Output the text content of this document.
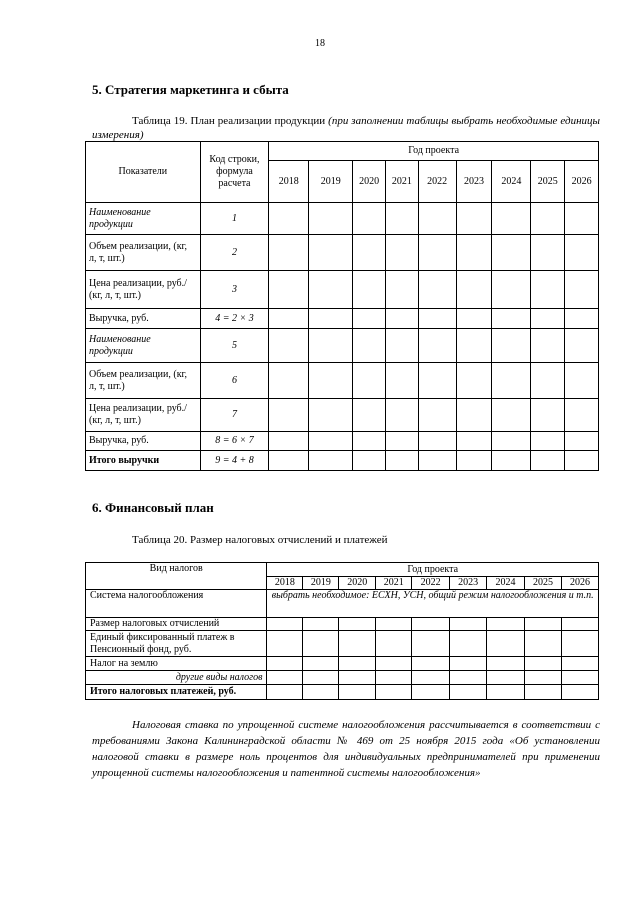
18
5. Стратегия маркетинга и сбыта
Таблица 19. План реализации продукции (при заполнении таблицы выбрать необходимые единицы измерения)
Показатели	Код строки, формула расчета	Год проекта								
		2018	2019	2020	2021	2022	2023	2024	2025	2026
Наименование продукции	1									
Объем реализации, (кг, л, т, шт.)	2									
Цена реализации, руб./ (кг, л, т, шт.)	3									
Выручка, руб.	4 = 2 × 3									
Наименование продукции	5									
Объем реализации, (кг, л, т, шт.)	6									
Цена реализации, руб./ (кг, л, т, шт.)	7									
Выручка, руб.	8 = 6 × 7									
Итого выручки	9 = 4 + 8									
6. Финансовый план
Таблица 20. Размер налоговых отчислений и платежей
Вид налогов	Год проекта								
	2018	2019	2020	2021	2022	2023	2024	2025	2026
Система налогообложения	выбрать необходимое: ЕСХН, УСН, общий режим налогообложения и т.п.								
Размер налоговых отчислений									
Единый фиксированный платеж в Пенсионный фонд, руб.									
Налог на землю									
другие виды налогов									
Итого налоговых платежей, руб.									
Налоговая ставка по упрощенной системе налогообложения рассчитывается в соответствии с требованиями Закона Калининградской области № 469 от 25 ноября 2015 года «Об установлении налоговой ставки в размере ноль процентов для индивидуальных предпринимателей при применении упрощенной системы налогообложения и патентной системы налогообложения»
